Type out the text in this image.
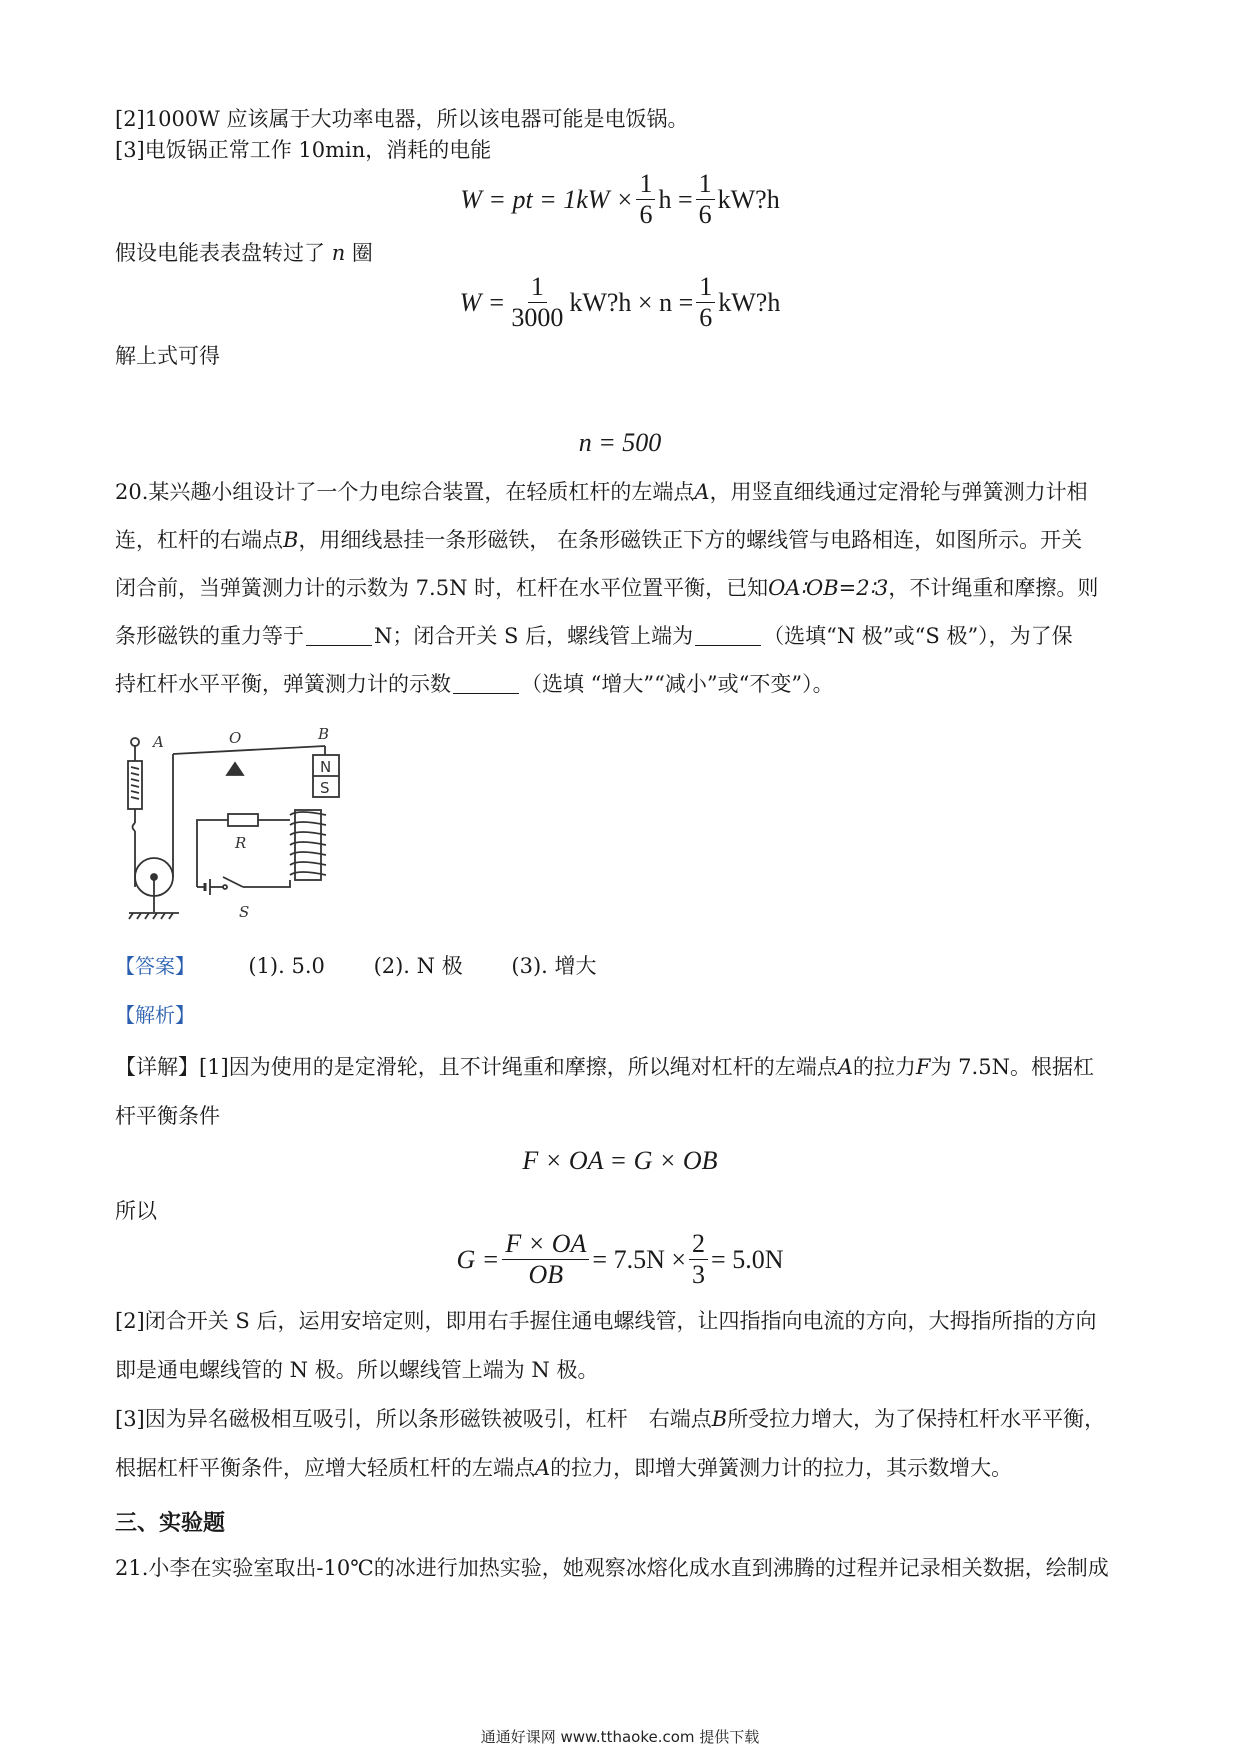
[2]1000W 应该属于大功率电器，所以该电器可能是电饭锅。
[3]电饭锅正常工作 10min，消耗的电能
W = pt = $1kW \times \frac{1}{6}$ $h = \frac{1}{6}$ kW?h
假设电能表表盘转过了 n 圈
$W = \frac{1}{3000}$ kW?h × $n = \frac{1}{6}$ kW?h
解上式可得
n = 500
20.某兴趣小组设计了一个力电综合装置，在轻质杠杆的左端点A，用竖直细线通过定滑轮与弹簧测力计相
连，杠杆的右端点B，用细线悬挂一条形磁铁， 在条形磁铁正下方的螺线管与电路相连，如图所示。开关
闭合前，当弹簧测力计的示数为 7.5N 时，杠杆在水平位置平衡，已知OA∶OB=2∶3，不计绳重和摩擦。则
条形磁铁的重力等于	N；闭合开关 S 后，螺线管上端为	（选填“N 极”或“S 极”），为了保
持杠杆水平平衡，弹簧测力计的示数	（选填 “增大”“减小”或“不变”）。
A	O	B
R
S
N
S
【答案】	(1). 5.0 (2). N 极 (3). 增大
【解析】
【详解】[1]因为使用的是定滑轮，且不计绳重和摩擦，所以绳对杠杆的左端点A的拉力F为 7.5N。根据杠
杆平衡条件
F × OA = G × OB
所以
$G = \frac{F \times OA}{OB} = 7.5N \times \frac{2}{3} = 5.0N$
[2]闭合开关 S 后，运用安培定则，即用右手握住通电螺线管，让四指指向电流的方向，大拇指所指的方向
即是通电螺线管的 N 极。所以螺线管上端为 N 极。
[3]因为异名磁极相互吸引，所以条形磁铁被吸引，杠杆　右端点B所受拉力增大，为了保持杠杆水平平衡，
根据杠杆平衡条件，应增大轻质杠杆的左端点A的拉力，即增大弹簧测力计的拉力，其示数增大。
三、实验题
21.小李在实验室取出-10℃的冰进行加热实验，她观察冰熔化成水直到沸腾的过程并记录相关数据，绘制成
通通好课网 www.tthaoke.com 提供下载
